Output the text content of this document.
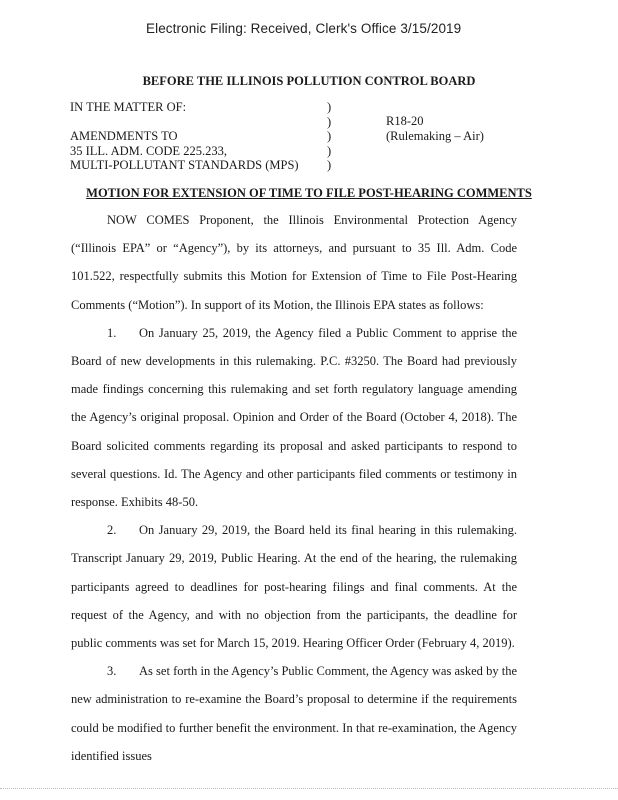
Electronic Filing: Received, Clerk's Office 3/15/2019
BEFORE THE ILLINOIS POLLUTION CONTROL BOARD
IN THE MATTER OF:

AMENDMENTS TO
35 ILL. ADM. CODE 225.233,
MULTI-POLLUTANT STANDARDS (MPS)
)
)
)
)
)
R18-20
(Rulemaking – Air)
MOTION FOR EXTENSION OF TIME TO FILE POST-HEARING COMMENTS

NOW COMES Proponent, the Illinois Environmental Protection Agency (“Illinois EPA” or “Agency”), by its attorneys, and pursuant to 35 Ill. Adm. Code 101.522, respectfully submits this Motion for Extension of Time to File Post-Hearing Comments (“Motion”). In support of its Motion, the Illinois EPA states as follows:

1. On January 25, 2019, the Agency filed a Public Comment to apprise the Board of new developments in this rulemaking. P.C. #3250. The Board had previously made findings concerning this rulemaking and set forth regulatory language amending the Agency’s original proposal. Opinion and Order of the Board (October 4, 2018). The Board solicited comments regarding its proposal and asked participants to respond to several questions. Id. The Agency and other participants filed comments or testimony in response. Exhibits 48-50.

2. On January 29, 2019, the Board held its final hearing in this rulemaking. Transcript January 29, 2019, Public Hearing. At the end of the hearing, the rulemaking participants agreed to deadlines for post-hearing filings and final comments. At the request of the Agency, and with no objection from the participants, the deadline for public comments was set for March 15, 2019. Hearing Officer Order (February 4, 2019).

3. As set forth in the Agency’s Public Comment, the Agency was asked by the new administration to re-examine the Board’s proposal to determine if the requirements could be modified to further benefit the environment. In that re-examination, the Agency identified issues
